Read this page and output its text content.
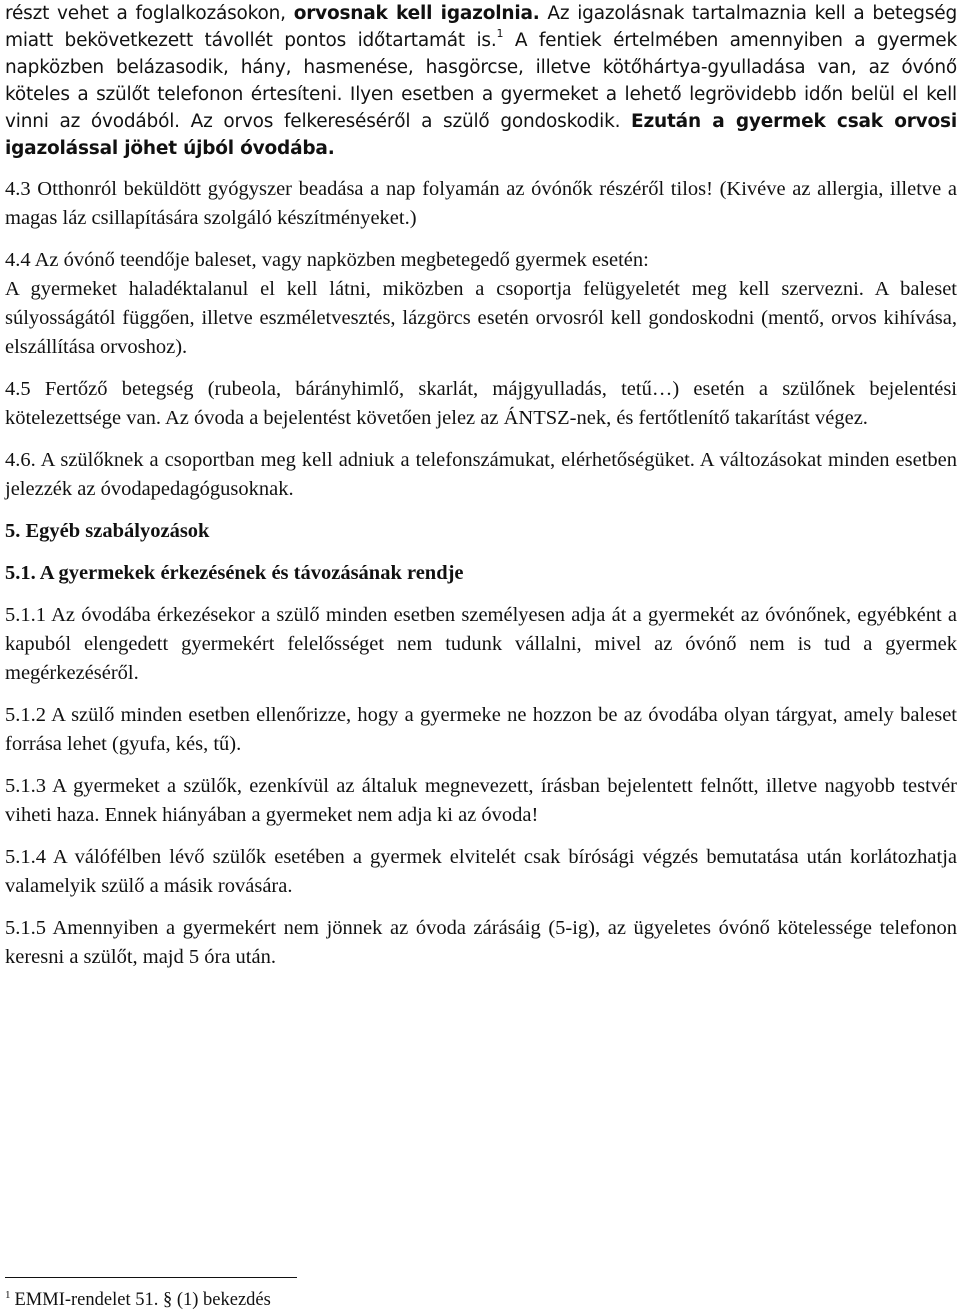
részt vehet a foglalkozásokon, orvosnak kell igazolnia. Az igazolásnak tartalmaznia kell a betegség miatt bekövetkezett távollét pontos időtartamát is.$^1$ A fentiek értelmében amennyiben a gyermek napközben belázasodik, hány, hasmenése, hasgörcse, illetve kötőhártya-gyulladása van, az óvónő köteles a szülőt telefonon értesíteni. Ilyen esetben a gyermeket a lehető legrövidebb időn belül el kell vinni az óvodából. Az orvos felkereséséről a szülő gondoskodik. Ezután a gyermek csak orvosi igazolással jöhet újból óvodába.

4.3 Otthonról beküldött gyógyszer beadása a nap folyamán az óvónők részéről tilos! (Kivéve az allergia, illetve a magas láz csillapítására szolgáló készítményeket.)

4.4 Az óvónő teendője baleset, vagy napközben megbetegedő gyermek esetén:

A gyermeket haladéktalanul el kell látni, miközben a csoportja felügyeletét meg kell szervezni. A baleset súlyosságától függően, illetve eszméletvesztés, lázgörcs esetén orvosról kell gondoskodni (mentő, orvos kihívása, elszállítása orvoshoz).

4.5 Fertőző betegség (rubeola, bárányhimlő, skarlát, májgyulladás, tetű…) esetén a szülőnek bejelentési kötelezettsége van. Az óvoda a bejelentést követően jelez az ÁNTSZ-nek, és fertőtlenítő takarítást végez.

4.6. A szülőknek a csoportban meg kell adniuk a telefonszámukat, elérhetőségüket. A változásokat minden esetben jelezzék az óvodapedagógusoknak.

5. Egyéb szabályozások

5.1. A gyermekek érkezésének és távozásának rendje

5.1.1 Az óvodába érkezésekor a szülő minden esetben személyesen adja át a gyermekét az óvónőnek, egyébként a kapuból elengedett gyermekért felelősséget nem tudunk vállalni, mivel az óvónő nem is tud a gyermek megérkezéséről.

5.1.2 A szülő minden esetben ellenőrizze, hogy a gyermeke ne hozzon be az óvodába olyan tárgyat, amely baleset forrása lehet (gyufa, kés, tű).

5.1.3 A gyermeket a szülők, ezenkívül az általuk megnevezett, írásban bejelentett felnőtt, illetve nagyobb testvér viheti haza. Ennek hiányában a gyermeket nem adja ki az óvoda!

5.1.4 A válófélben lévő szülők esetében a gyermek elvitelét csak bírósági végzés bemutatása után korlátozhatja valamelyik szülő a másik rovására.

5.1.5 Amennyiben a gyermekért nem jönnek az óvoda zárásáig (5-ig), az ügyeletes óvónő kötelessége telefonon keresni a szülőt, majd 5 óra után.

$^1$ EMMI-rendelet 51. § (1) bekezdés
